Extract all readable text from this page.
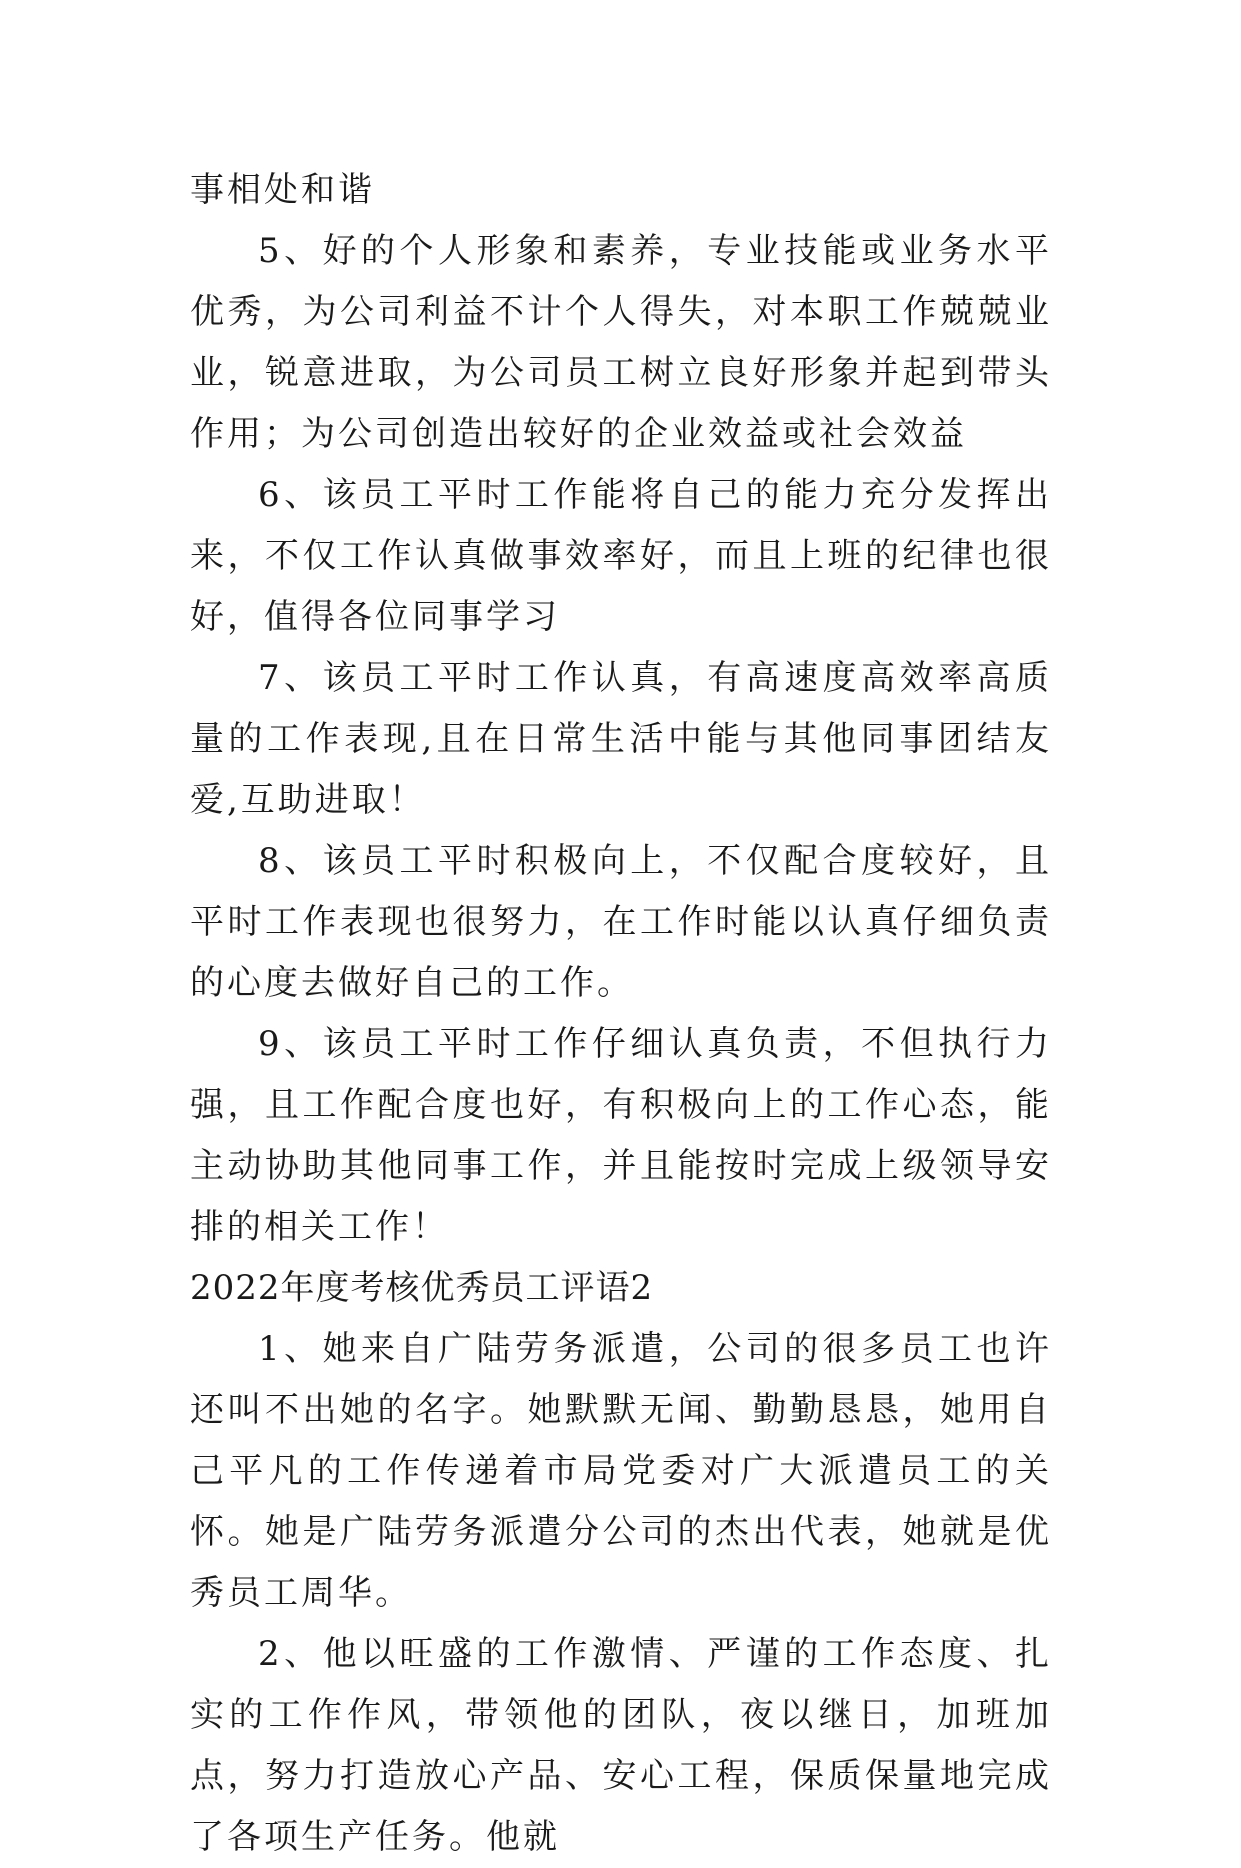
事相处和谐

5、好的个人形象和素养，专业技能或业务水平优秀，为公司利益不计个人得失，对本职工作兢兢业业，锐意进取，为公司员工树立良好形象并起到带头作用；为公司创造出较好的企业效益或社会效益

6、该员工平时工作能将自己的能力充分发挥出来，不仅工作认真做事效率好，而且上班的纪律也很好，值得各位同事学习

7、该员工平时工作认真，有高速度高效率高质量的工作表现,且在日常生活中能与其他同事团结友爱,互助进取！

8、该员工平时积极向上，不仅配合度较好，且平时工作表现也很努力，在工作时能以认真仔细负责的心度去做好自己的工作。

9、该员工平时工作仔细认真负责，不但执行力强，且工作配合度也好，有积极向上的工作心态，能主动协助其他同事工作，并且能按时完成上级领导安排的相关工作！

2022年度考核优秀员工评语2

1、她来自广陆劳务派遣，公司的很多员工也许还叫不出她的名字。她默默无闻、勤勤恳恳，她用自己平凡的工作传递着市局党委对广大派遣员工的关怀。她是广陆劳务派遣分公司的杰出代表，她就是优秀员工周华。

2、他以旺盛的工作激情、严谨的工作态度、扎实的工作作风，带领他的团队，夜以继日，加班加点，努力打造放心产品、安心工程，保质保量地完成了各项生产任务。他就
